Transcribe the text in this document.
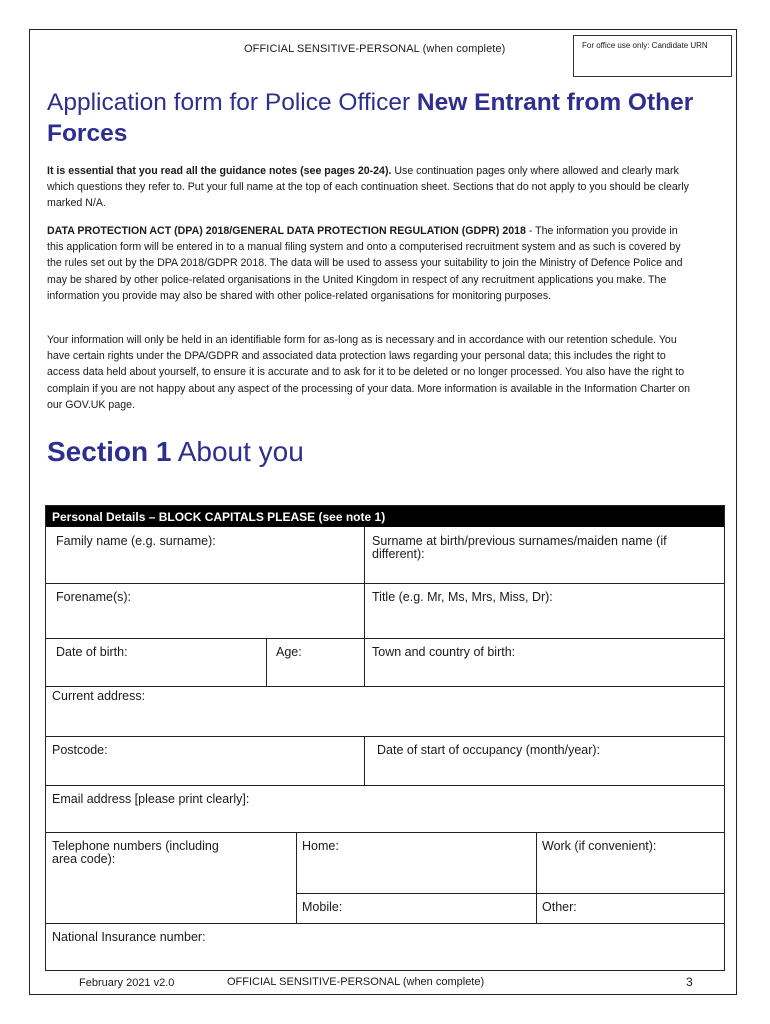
OFFICIAL SENSITIVE-PERSONAL (when complete)	For office use only: Candidate URN
Application form for Police Officer New Entrant from Other Forces

It is essential that you read all the guidance notes (see pages 20-24). Use continuation pages only where allowed and clearly mark which questions they refer to. Put your full name at the top of each continuation sheet. Sections that do not apply to you should be clearly marked N/A.

DATA PROTECTION ACT (DPA) 2018/GENERAL DATA PROTECTION REGULATION (GDPR) 2018 - The information you provide in this application form will be entered in to a manual filing system and onto a computerised recruitment system and as such is covered by the rules set out by the DPA 2018/GDPR 2018. The data will be used to assess your suitability to join the Ministry of Defence Police and may be shared by other police-related organisations in the United Kingdom in respect of any recruitment applications you make. The information you provide may also be shared with other police-related organisations for monitoring purposes.

Your information will only be held in an identifiable form for as-long as is necessary and in accordance with our retention schedule. You have certain rights under the DPA/GDPR and associated data protection laws regarding your personal data; this includes the right to access data held about yourself, to ensure it is accurate and to ask for it to be deleted or no longer processed. You also have the right to complain if you are not happy about any aspect of the processing of your data. More information is available in the Information Charter on our GOV.UK page.

Section 1 About you
Personal Details – BLOCK CAPITALS PLEASE (see note 1)
Family name (e.g. surname):	Surname at birth/previous surnames/maiden name (if different):
Forename(s):	Title (e.g. Mr, Ms, Mrs, Miss, Dr):
Date of birth:	Age:	Town and country of birth:
Current address:
Postcode:	Date of start of occupancy (month/year):
Email address [please print clearly]:
Telephone numbers (including area code):
Home:	Work (if convenient):
Mobile:	Other:
National Insurance number:
February 2021 v2.0	OFFICIAL SENSITIVE-PERSONAL (when complete)	3
